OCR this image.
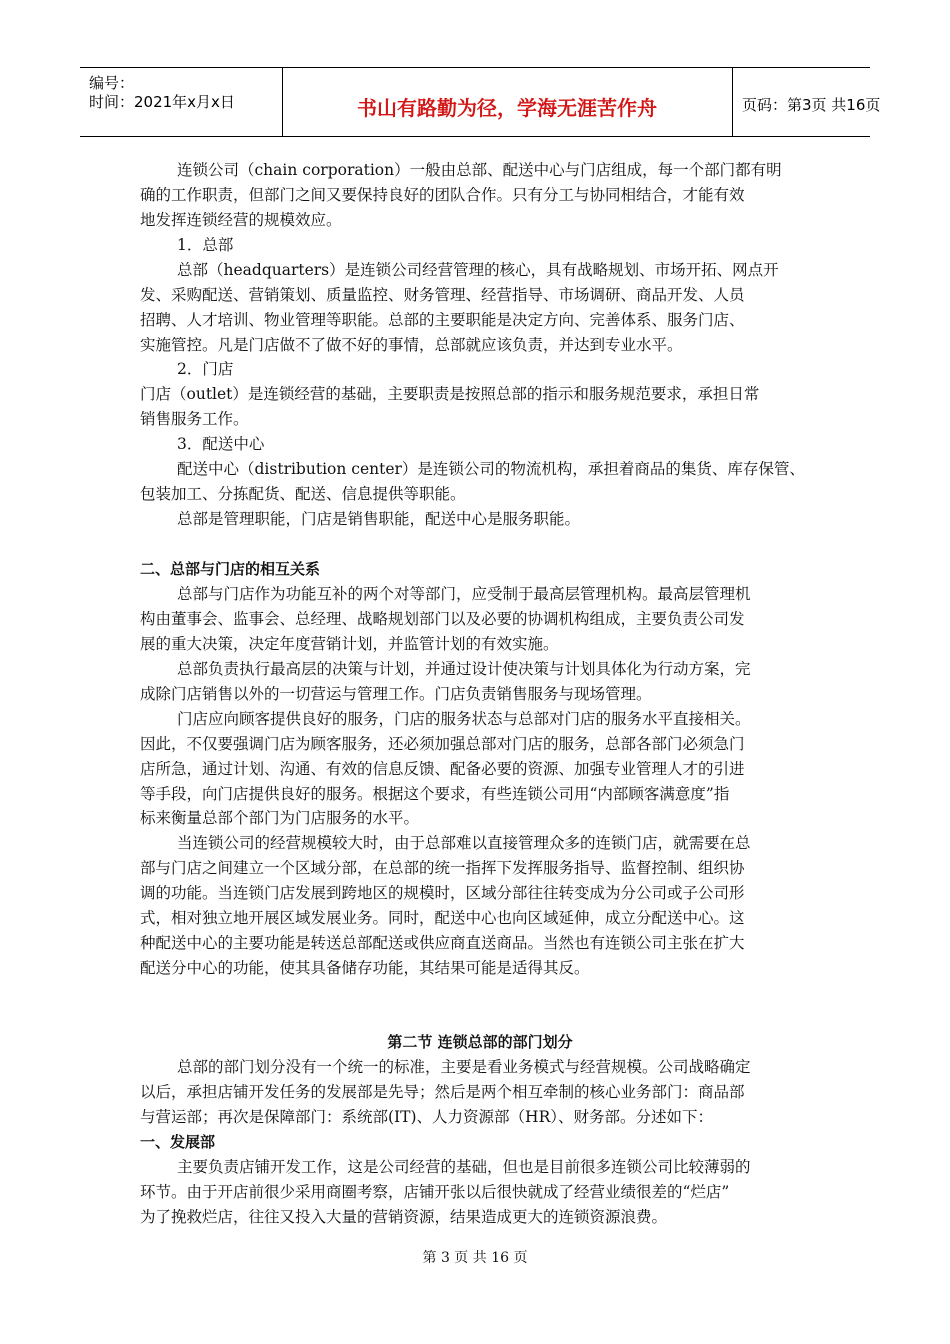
编号：
时间：2021年x月x日	书山有路勤为径，学海无涯苦作舟	页码：第3页 共16页

连锁公司（chain corporation）一般由总部、配送中心与门店组成，每一个部门都有明

确的工作职责，但部门之间又要保持良好的团队合作。只有分工与协同相结合，才能有效

地发挥连锁经营的规模效应。

1．总部

总部（headquarters）是连锁公司经营管理的核心，具有战略规划、市场开拓、网点开

发、采购配送、营销策划、质量监控、财务管理、经营指导、市场调研、商品开发、人员

招聘、人才培训、物业管理等职能。总部的主要职能是决定方向、完善体系、服务门店、

实施管控。凡是门店做不了做不好的事情，总部就应该负责，并达到专业水平。

2．门店

门店（outlet）是连锁经营的基础，主要职责是按照总部的指示和服务规范要求，承担日常

销售服务工作。

3．配送中心

配送中心（distribution center）是连锁公司的物流机构，承担着商品的集货、库存保管、

包装加工、分拣配货、配送、信息提供等职能。

总部是管理职能，门店是销售职能，配送中心是服务职能。

二、总部与门店的相互关系

总部与门店作为功能互补的两个对等部门，应受制于最高层管理机构。最高层管理机

构由董事会、监事会、总经理、战略规划部门以及必要的协调机构组成，主要负责公司发

展的重大决策，决定年度营销计划，并监管计划的有效实施。

总部负责执行最高层的决策与计划，并通过设计使决策与计划具体化为行动方案，完

成除门店销售以外的一切营运与管理工作。门店负责销售服务与现场管理。

门店应向顾客提供良好的服务，门店的服务状态与总部对门店的服务水平直接相关。

因此，不仅要强调门店为顾客服务，还必须加强总部对门店的服务，总部各部门必须急门

店所急，通过计划、沟通、有效的信息反馈、配备必要的资源、加强专业管理人才的引进

等手段，向门店提供良好的服务。根据这个要求，有些连锁公司用“内部顾客满意度”指

标来衡量总部个部门为门店服务的水平。

当连锁公司的经营规模较大时，由于总部难以直接管理众多的连锁门店，就需要在总

部与门店之间建立一个区域分部，在总部的统一指挥下发挥服务指导、监督控制、组织协

调的功能。当连锁门店发展到跨地区的规模时，区域分部往往转变成为分公司或子公司形

式，相对独立地开展区域发展业务。同时，配送中心也向区域延伸，成立分配送中心。这

种配送中心的主要功能是转送总部配送或供应商直送商品。当然也有连锁公司主张在扩大

配送分中心的功能，使其具备储存功能，其结果可能是适得其反。

第二节 连锁总部的部门划分

总部的部门划分没有一个统一的标准，主要是看业务模式与经营规模。公司战略确定

以后，承担店铺开发任务的发展部是先导；然后是两个相互牵制的核心业务部门：商品部

与营运部；再次是保障部门：系统部(IT)、人力资源部（HR）、财务部。分述如下：

一、发展部

主要负责店铺开发工作，这是公司经营的基础，但也是目前很多连锁公司比较薄弱的

环节。由于开店前很少采用商圈考察，店铺开张以后很快就成了经营业绩很差的“烂店”

为了挽救烂店，往往又投入大量的营销资源，结果造成更大的连锁资源浪费。

第 3 页 共 16 页
